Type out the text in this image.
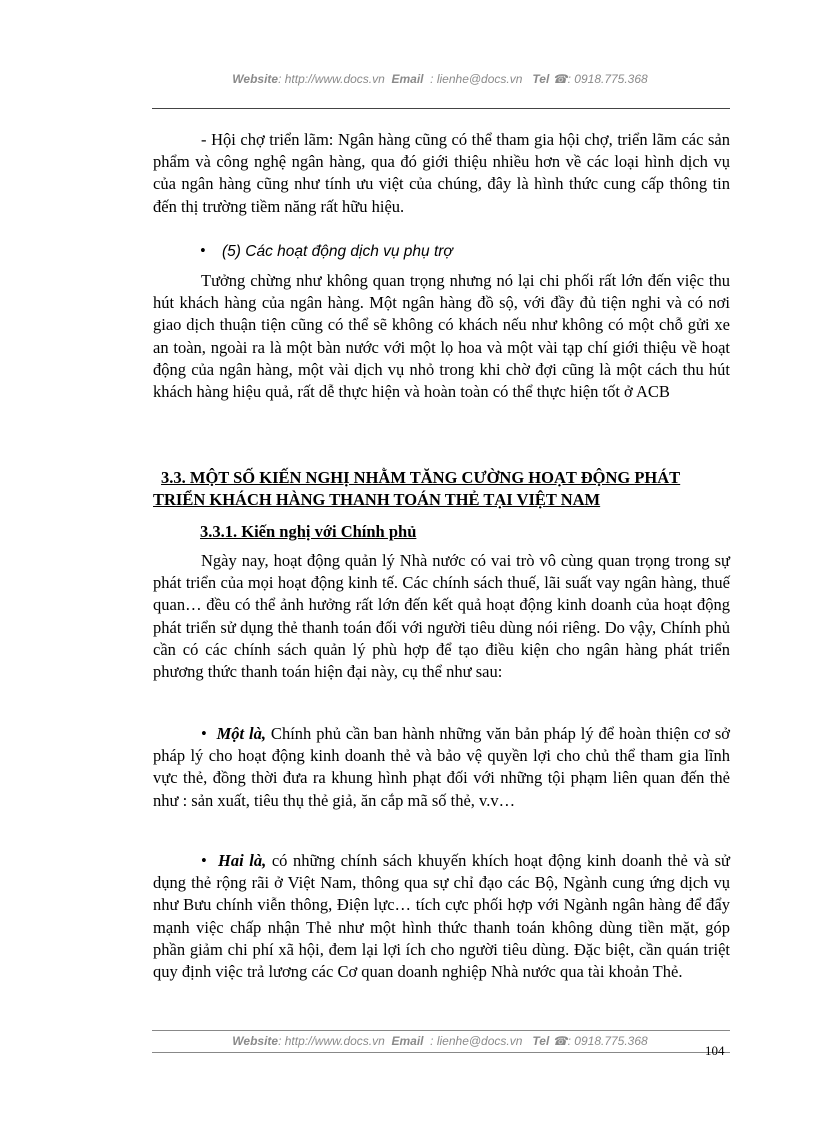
Website: http://www.docs.vn Email : lienhe@docs.vn Tel ☎: 0918.775.368
- Hội chợ triển lãm: Ngân hàng cũng có thể tham gia hội chợ, triển lãm các sản phẩm và công nghệ ngân hàng, qua đó giới thiệu nhiều hơn về các loại hình dịch vụ của ngân hàng cũng như tính ưu việt của chúng, đây là hình thức cung cấp thông tin đến thị trường tiềm năng rất hữu hiệu.
• (5) Các hoạt động dịch vụ phụ trợ
Tưởng chừng như không quan trọng nhưng nó lại chi phối rất lớn đến việc thu hút khách hàng của ngân hàng. Một ngân hàng đồ sộ, với đầy đủ tiện nghi và có nơi giao dịch thuận tiện cũng có thể sẽ không có khách nếu như không có một chỗ gửi xe an toàn, ngoài ra là một bàn nước với một lọ hoa và một vài tạp chí giới thiệu về hoạt động của ngân hàng, một vài dịch vụ nhỏ trong khi chờ đợi cũng là một cách thu hút khách hàng hiệu quả, rất dễ thực hiện và hoàn toàn có thể thực hiện tốt ở ACB
3.3. MỘT SỐ KIẾN NGHỊ NHẰM TĂNG CƯỜNG HOẠT ĐỘNG PHÁT TRIỂN KHÁCH HÀNG THANH TOÁN THẺ TẠI VIỆT NAM
3.3.1. Kiến nghị với Chính phủ
Ngày nay, hoạt động quản lý Nhà nước có vai trò vô cùng quan trọng trong sự phát triển của mọi hoạt động kinh tế. Các chính sách thuế, lãi suất vay ngân hàng, thuế quan… đều có thể ảnh hưởng rất lớn đến kết quả hoạt động kinh doanh của hoạt động phát triển sử dụng thẻ thanh toán đối với người tiêu dùng nói riêng. Do vậy, Chính phủ cần có các chính sách quản lý phù hợp để tạo điều kiện cho ngân hàng phát triển phương thức thanh toán hiện đại này, cụ thể như sau:
•  Một là, Chính phủ cần ban hành những văn bản pháp lý để hoàn thiện cơ sở pháp lý cho hoạt động kinh doanh thẻ và bảo vệ quyền lợi cho chủ thể tham gia lĩnh vực thẻ, đồng thời đưa ra khung hình phạt đối với những tội phạm liên quan đến thẻ như : sản xuất, tiêu thụ thẻ giả, ăn cắp mã số thẻ, v.v…
•  Hai là, có những chính sách khuyến khích hoạt động kinh doanh thẻ và sử dụng thẻ rộng rãi ở Việt Nam, thông qua sự chỉ đạo các Bộ, Ngành cung ứng dịch vụ như Bưu chính viễn thông, Điện lực… tích cực phối hợp với Ngành ngân hàng để đẩy mạnh việc chấp nhận Thẻ như một hình thức thanh toán không dùng tiền mặt, góp phần giảm chi phí xã hội, đem lại lợi ích cho người tiêu dùng. Đặc biệt, cần quán triệt quy định việc trả lương các Cơ quan doanh nghiệp Nhà nước qua tài khoản Thẻ.
Website: http://www.docs.vn Email : lienhe@docs.vn Tel ☎: 0918.775.368
104
